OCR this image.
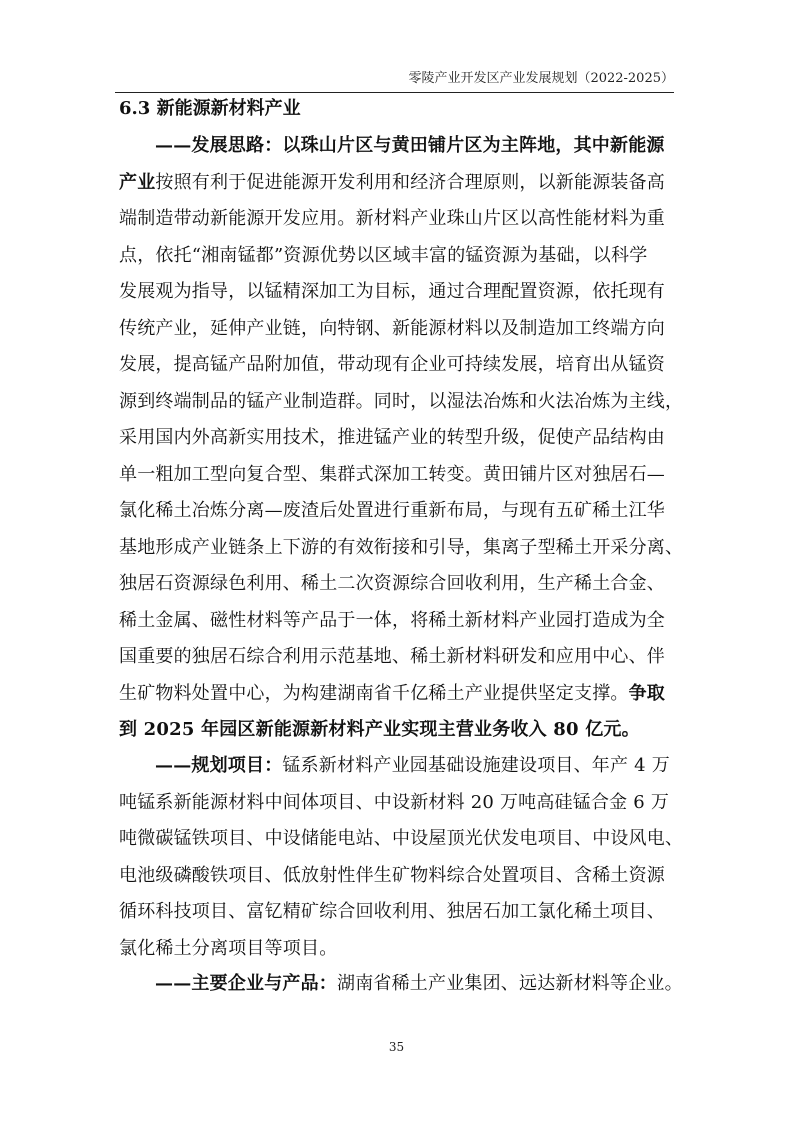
零陵产业开发区产业发展规划（2022-2025）
6.3 新能源新材料产业
——发展思路：以珠山片区与黄田铺片区为主阵地，其中新能源
产业按照有利于促进能源开发利用和经济合理原则，以新能源装备高
端制造带动新能源开发应用。新材料产业珠山片区以高性能材料为重
点，依托“湘南锰都”资源优势以区域丰富的锰资源为基础，以科学
发展观为指导，以锰精深加工为目标，通过合理配置资源，依托现有
传统产业，延伸产业链，向特钢、新能源材料以及制造加工终端方向
发展，提高锰产品附加值，带动现有企业可持续发展，培育出从锰资
源到终端制品的锰产业制造群。同时，以湿法冶炼和火法冶炼为主线，
采用国内外高新实用技术，推进锰产业的转型升级，促使产品结构由
单一粗加工型向复合型、集群式深加工转变。黄田铺片区对独居石—
氯化稀土冶炼分离—废渣后处置进行重新布局，与现有五矿稀土江华
基地形成产业链条上下游的有效衔接和引导，集离子型稀土开采分离、
独居石资源绿色利用、稀土二次资源综合回收利用，生产稀土合金、
稀土金属、磁性材料等产品于一体，将稀土新材料产业园打造成为全
国重要的独居石综合利用示范基地、稀土新材料研发和应用中心、伴
生矿物料处置中心，为构建湖南省千亿稀土产业提供坚定支撑。争取
到 2025 年园区新能源新材料产业实现主营业务收入 80 亿元。
——规划项目：锰系新材料产业园基础设施建设项目、年产 4 万
吨锰系新能源材料中间体项目、中设新材料 20 万吨高硅锰合金 6 万
吨微碳锰铁项目、中设储能电站、中设屋顶光伏发电项目、中设风电、
电池级磷酸铁项目、低放射性伴生矿物料综合处置项目、含稀土资源
循环科技项目、富钇精矿综合回收利用、独居石加工氯化稀土项目、
氯化稀土分离项目等项目。
——主要企业与产品：湖南省稀土产业集团、远达新材料等企业。
35
